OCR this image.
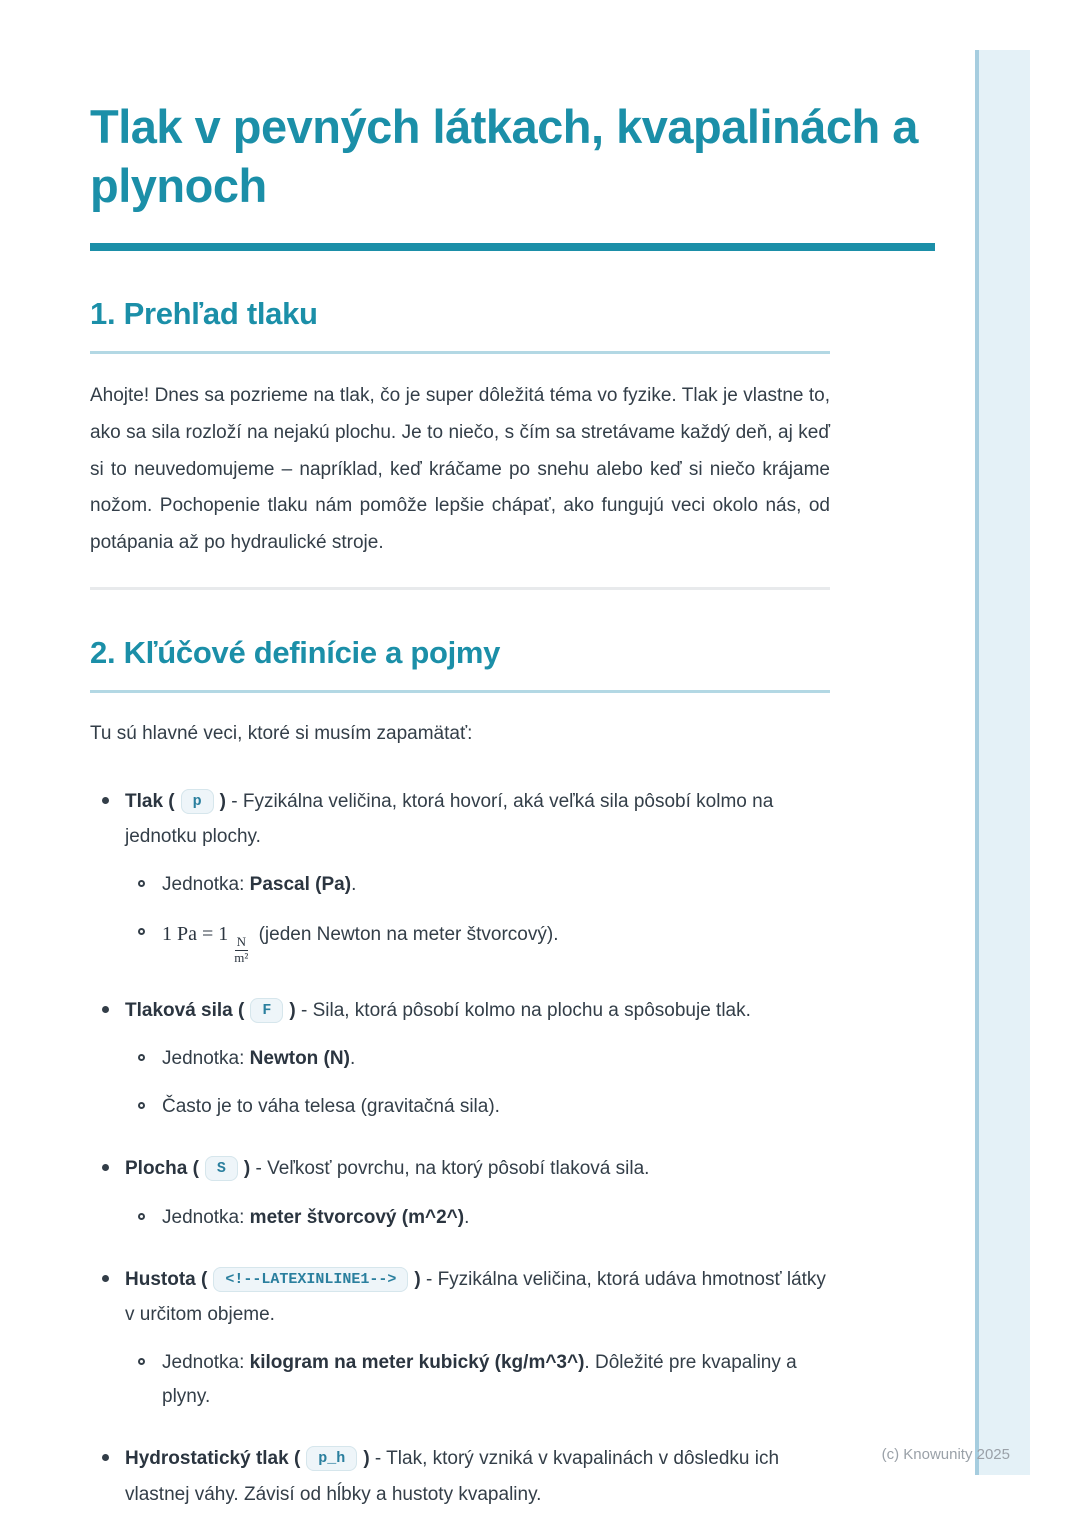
Tlak v pevných látkach, kvapalinách a plynoch
1. Prehľad tlaku

Ahojte! Dnes sa pozrieme na tlak, čo je super dôležitá téma vo fyzike. Tlak je vlastne to, ako sa sila rozloží na nejakú plochu. Je to niečo, s čím sa stretávame každý deň, aj keď si to neuvedomujeme – napríklad, keď kráčame po snehu alebo keď si niečo krájame nožom. Pochopenie tlaku nám pomôže lepšie chápať, ako fungujú veci okolo nás, od potápania až po hydraulické stroje.

2. Kľúčové definície a pojmy

Tu sú hlavné veci, ktoré si musím zapamätať:

Tlak ( p ) - Fyzikálna veličina, ktorá hovorí, aká veľká sila pôsobí kolmo na jednotku plochy.

Jednotka: Pascal (Pa).

1 Pa = 1
$\frac{N}{\text{m²}}$
(jeden Newton na meter štvorcový).

Tlaková sila ( F ) - Sila, ktorá pôsobí kolmo na plochu a spôsobuje tlak.

Jednotka: Newton (N).

Často je to váha telesa (gravitačná sila).

Plocha ( S ) - Veľkosť povrchu, na ktorý pôsobí tlaková sila.

Jednotka: meter štvorcový (m^2^).

Hustota ( <!--LATEXINLINE1--> ) - Fyzikálna veličina, ktorá udáva hmotnosť látky v určitom objeme.

Jednotka: kilogram na meter kubický (kg/m^3^). Dôležité pre kvapaliny a plyny.

Hydrostatický tlak ( p_h ) - Tlak, ktorý vzniká v kvapalinách v dôsledku ich vlastnej váhy. Závisí od hĺbky a hustoty kvapaliny.

(c) Knowunity 2025
